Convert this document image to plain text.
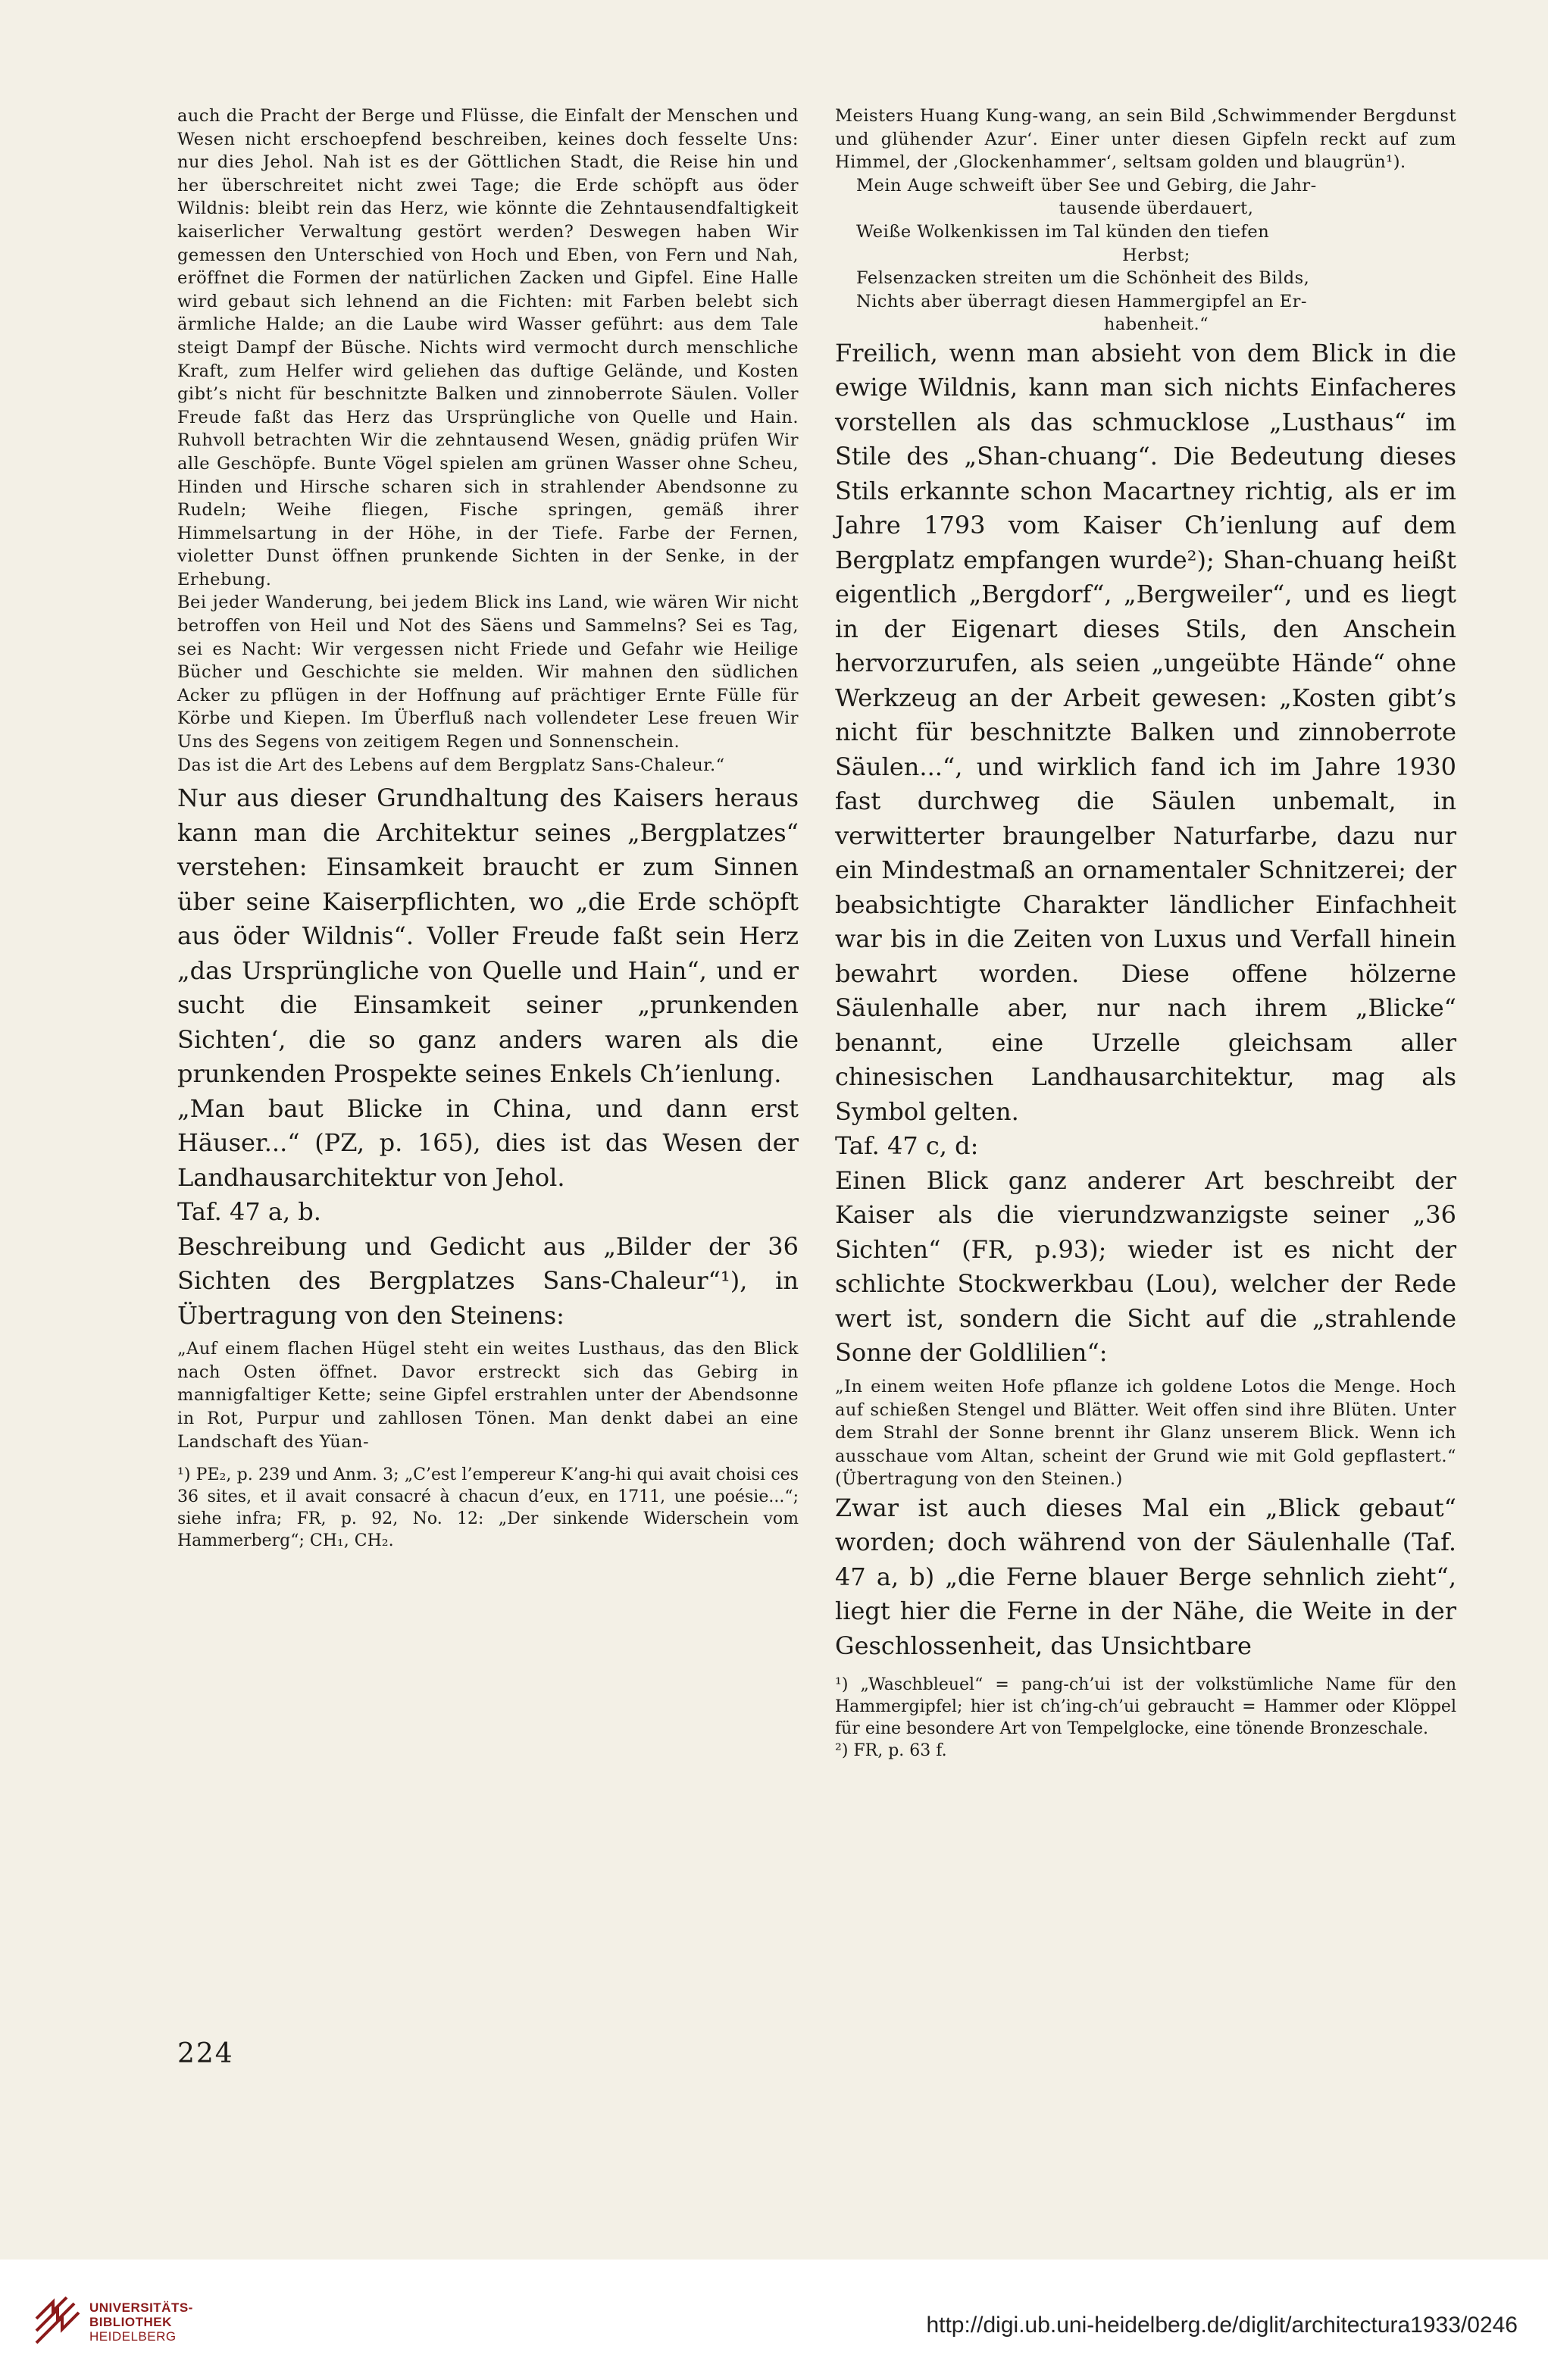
auch die Pracht der Berge und Flüsse, die Einfalt der Menschen und Wesen nicht erschoepfend beschreiben, keines doch fesselte Uns: nur dies Jehol. Nah ist es der Göttlichen Stadt, die Reise hin und her überschreitet nicht zwei Tage; die Erde schöpft aus öder Wildnis: bleibt rein das Herz, wie könnte die Zehntausendfaltigkeit kaiserlicher Verwaltung gestört werden? Deswegen haben Wir gemessen den Unterschied von Hoch und Eben, von Fern und Nah, eröffnet die Formen der natürlichen Zacken und Gipfel. Eine Halle wird gebaut sich lehnend an die Fichten: mit Farben belebt sich ärmliche Halde; an die Laube wird Wasser geführt: aus dem Tale steigt Dampf der Büsche. Nichts wird vermocht durch menschliche Kraft, zum Helfer wird geliehen das duftige Gelände, und Kosten gibt’s nicht für beschnitzte Balken und zinnoberrote Säulen. Voller Freude faßt das Herz das Ursprüngliche von Quelle und Hain. Ruhvoll betrachten Wir die zehntausend Wesen, gnädig prüfen Wir alle Geschöpfe. Bunte Vögel spielen am grünen Wasser ohne Scheu, Hinden und Hirsche scharen sich in strahlender Abendsonne zu Rudeln; Weihe fliegen, Fische springen, gemäß ihrer Himmelsartung in der Höhe, in der Tiefe. Farbe der Fernen, violetter Dunst öffnen prunkende Sichten in der Senke, in der Erhebung.

Bei jeder Wanderung, bei jedem Blick ins Land, wie wären Wir nicht betroffen von Heil und Not des Säens und Sammelns? Sei es Tag, sei es Nacht: Wir vergessen nicht Friede und Gefahr wie Heilige Bücher und Geschichte sie melden. Wir mahnen den südlichen Acker zu pflügen in der Hoffnung auf prächtiger Ernte Fülle für Körbe und Kiepen. Im Überfluß nach vollendeter Lese freuen Wir Uns des Segens von zeitigem Regen und Sonnenschein.

Das ist die Art des Lebens auf dem Bergplatz Sans-Chaleur.“

Nur aus dieser Grundhaltung des Kaisers heraus kann man die Architektur seines „Bergplatzes“ verstehen: Einsamkeit braucht er zum Sinnen über seine Kaiserpflichten, wo „die Erde schöpft aus öder Wildnis“. Voller Freude faßt sein Herz „das Ursprüngliche von Quelle und Hain“, und er sucht die Einsamkeit seiner „prunkenden Sichten‘, die so ganz anders waren als die prunkenden Prospekte seines Enkels Ch’ienlung.

„Man baut Blicke in China, und dann erst Häuser...“ (PZ, p. 165), dies ist das Wesen der Landhausarchitektur von Jehol.

Taf. 47 a, b.

Beschreibung und Gedicht aus „Bilder der 36 Sichten des Bergplatzes Sans-Chaleur“¹), in Übertragung von den Steinens:

„Auf einem flachen Hügel steht ein weites Lusthaus, das den Blick nach Osten öffnet. Davor erstreckt sich das Gebirg in mannigfaltiger Kette; seine Gipfel erstrahlen unter der Abendsonne in Rot, Purpur und zahllosen Tönen. Man denkt dabei an eine Landschaft des Yüan-

¹) PE₂, p. 239 und Anm. 3; „C’est l’empereur K’ang-hi qui avait choisi ces 36 sites, et il avait consacré à chacun d’eux, en 1711, une poésie...“; siehe infra; FR, p. 92, No. 12: „Der sinkende Widerschein vom Hammerberg“; CH₁, CH₂.

Meisters Huang Kung-wang, an sein Bild ‚Schwimmender Bergdunst und glühender Azur‘. Einer unter diesen Gipfeln reckt auf zum Himmel, der ‚Glockenhammer‘, seltsam golden und blaugrün¹).

Mein Auge schweift über See und Gebirg, die Jahr-
tausende überdauert,
Weiße Wolkenkissen im Tal künden den tiefen
Herbst;
Felsenzacken streiten um die Schönheit des Bilds,
Nichts aber überragt diesen Hammergipfel an Er-
habenheit.“

Freilich, wenn man absieht von dem Blick in die ewige Wildnis, kann man sich nichts Einfacheres vorstellen als das schmucklose „Lusthaus“ im Stile des „Shan-chuang“. Die Bedeutung dieses Stils erkannte schon Macartney richtig, als er im Jahre 1793 vom Kaiser Ch’ienlung auf dem Bergplatz empfangen wurde²); Shan-chuang heißt eigentlich „Bergdorf“, „Bergweiler“, und es liegt in der Eigenart dieses Stils, den Anschein hervorzurufen, als seien „ungeübte Hände“ ohne Werkzeug an der Arbeit gewesen: „Kosten gibt’s nicht für beschnitzte Balken und zinnoberrote Säulen...“, und wirklich fand ich im Jahre 1930 fast durchweg die Säulen unbemalt, in verwitterter braungelber Naturfarbe, dazu nur ein Mindestmaß an ornamentaler Schnitzerei; der beabsichtigte Charakter ländlicher Einfachheit war bis in die Zeiten von Luxus und Verfall hinein bewahrt worden. Diese offene hölzerne Säulenhalle aber, nur nach ihrem „Blicke“ benannt, eine Urzelle gleichsam aller chinesischen Landhausarchitektur, mag als Symbol gelten.

Taf. 47 c, d:

Einen Blick ganz anderer Art beschreibt der Kaiser als die vierundzwanzigste seiner „36 Sichten“ (FR, p.93); wieder ist es nicht der schlichte Stockwerkbau (Lou), welcher der Rede wert ist, sondern die Sicht auf die „strahlende Sonne der Goldlilien“:

„In einem weiten Hofe pflanze ich goldene Lotos die Menge. Hoch auf schießen Stengel und Blätter. Weit offen sind ihre Blüten. Unter dem Strahl der Sonne brennt ihr Glanz unserem Blick. Wenn ich ausschaue vom Altan, scheint der Grund wie mit Gold gepflastert.“ (Übertragung von den Steinen.)

Zwar ist auch dieses Mal ein „Blick gebaut“ worden; doch während von der Säulenhalle (Taf. 47 a, b) „die Ferne blauer Berge sehnlich zieht“, liegt hier die Ferne in der Nähe, die Weite in der Geschlossenheit, das Unsichtbare

¹) „Waschbleuel“ = pang-ch’ui ist der volkstümliche Name für den Hammergipfel; hier ist ch’ing-ch’ui gebraucht = Hammer oder Klöppel für eine besondere Art von Tempelglocke, eine tönende Bronzeschale.

²) FR, p. 63 f.

224
UNIVERSITÄTS-
BIBLIOTHEK
HEIDELBERG	http://digi.ub.uni-heidelberg.de/diglit/architectura1933/0246
